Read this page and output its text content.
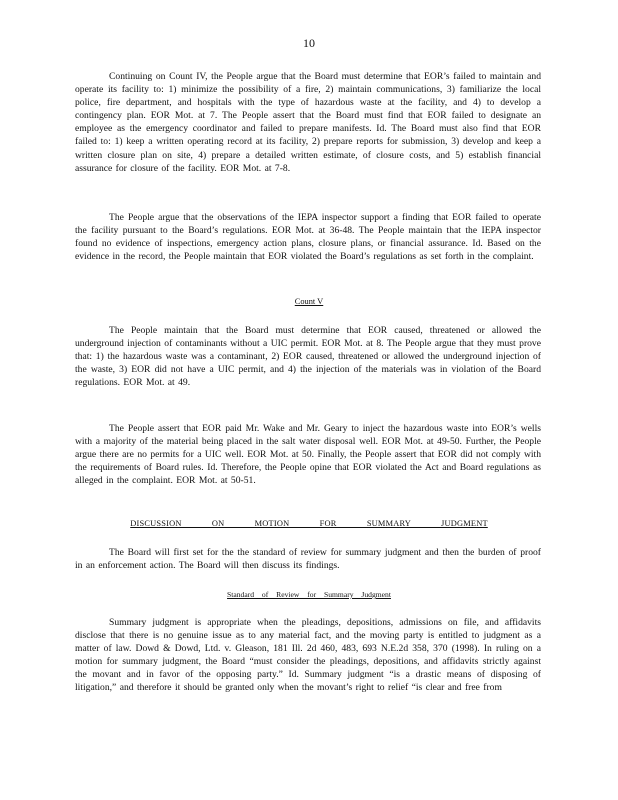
10

Continuing on Count IV, the People argue that the Board must determine that EOR’s failed to maintain and operate its facility to: 1) minimize the possibility of a fire, 2) maintain communications, 3) familiarize the local police, fire department, and hospitals with the type of hazardous waste at the facility, and 4) to develop a contingency plan. EOR Mot. at 7. The People assert that the Board must find that EOR failed to designate an employee as the emergency coordinator and failed to prepare manifests. Id. The Board must also find that EOR failed to: 1) keep a written operating record at its facility, 2) prepare reports for submission, 3) develop and keep a written closure plan on site, 4) prepare a detailed written estimate, of closure costs, and 5) establish financial assurance for closure of the facility. EOR Mot. at 7-8.

The People argue that the observations of the IEPA inspector support a finding that EOR failed to operate the facility pursuant to the Board’s regulations. EOR Mot. at 36-48. The People maintain that the IEPA inspector found no evidence of inspections, emergency action plans, closure plans, or financial assurance. Id. Based on the evidence in the record, the People maintain that EOR violated the Board’s regulations as set forth in the complaint.

Count V

The People maintain that the Board must determine that EOR caused, threatened or allowed the underground injection of contaminants without a UIC permit. EOR Mot. at 8. The People argue that they must prove that: 1) the hazardous waste was a contaminant, 2) EOR caused, threatened or allowed the underground injection of the waste, 3) EOR did not have a UIC permit, and 4) the injection of the materials was in violation of the Board regulations. EOR Mot. at 49.

The People assert that EOR paid Mr. Wake and Mr. Geary to inject the hazardous waste into EOR’s wells with a majority of the material being placed in the salt water disposal well. EOR Mot. at 49-50. Further, the People argue there are no permits for a UIC well. EOR Mot. at 50. Finally, the People assert that EOR did not comply with the requirements of Board rules. Id. Therefore, the People opine that EOR violated the Act and Board regulations as alleged in the complaint. EOR Mot. at 50-51.

DISCUSSION ON MOTION FOR SUMMARY JUDGMENT

The Board will first set for the the standard of review for summary judgment and then the burden of proof in an enforcement action. The Board will then discuss its findings.

Standard of Review for Summary Judgment

Summary judgment is appropriate when the pleadings, depositions, admissions on file, and affidavits disclose that there is no genuine issue as to any material fact, and the moving party is entitled to judgment as a matter of law. Dowd & Dowd, Ltd. v. Gleason, 181 Ill. 2d 460, 483, 693 N.E.2d 358, 370 (1998). In ruling on a motion for summary judgment, the Board “must consider the pleadings, depositions, and affidavits strictly against the movant and in favor of the opposing party.” Id. Summary judgment “is a drastic means of disposing of litigation,” and therefore it should be granted only when the movant’s right to relief “is clear and free from
